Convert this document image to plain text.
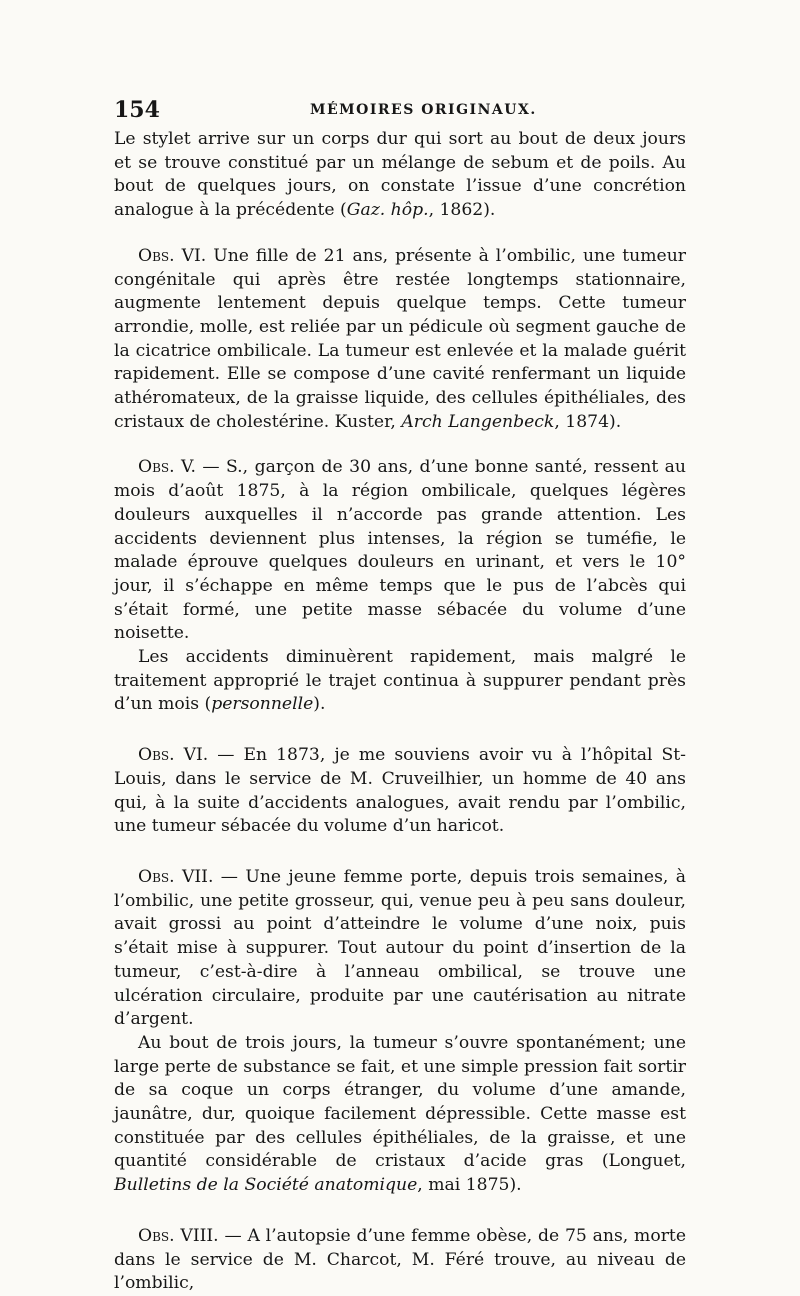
154	MÉMOIRES ORIGINAUX.

Le stylet arrive sur un corps dur qui sort au bout de deux jours et se trouve constitué par un mélange de sebum et de poils. Au bout de quelques jours, on constate l’issue d’une concrétion analogue à la précédente (Gaz. hôp., 1862).

Obs. VI. Une fille de 21 ans, présente à l’ombilic, une tumeur congénitale qui après être restée longtemps stationnaire, augmente lentement depuis quelque temps. Cette tumeur arrondie, molle, est reliée par un pédicule où segment gauche de la cicatrice ombilicale. La tumeur est enlevée et la malade guérit rapidement. Elle se compose d’une cavité renfermant un liquide athéromateux, de la graisse liquide, des cellules épithéliales, des cristaux de cholestérine. Kuster, Arch Langenbeck, 1874).

Obs. V. — S., garçon de 30 ans, d’une bonne santé, ressent au mois d’août 1875, à la région ombilicale, quelques légères douleurs auxquelles il n’accorde pas grande attention. Les accidents deviennent plus intenses, la région se tuméfie, le malade éprouve quelques douleurs en urinant, et vers le 10° jour, il s’échappe en même temps que le pus de l’abcès qui s’était formé, une petite masse sébacée du volume d’une noisette.

Les accidents diminuèrent rapidement, mais malgré le traitement approprié le trajet continua à suppurer pendant près d’un mois (personnelle).

Obs. VI. — En 1873, je me souviens avoir vu à l’hôpital St-Louis, dans le service de M. Cruveilhier, un homme de 40 ans qui, à la suite d’accidents analogues, avait rendu par l’ombilic, une tumeur sébacée du volume d’un haricot.

Obs. VII. — Une jeune femme porte, depuis trois semaines, à l’ombilic, une petite grosseur, qui, venue peu à peu sans douleur, avait grossi au point d’atteindre le volume d’une noix, puis s’était mise à suppurer. Tout autour du point d’insertion de la tumeur, c’est-à-dire à l’anneau ombilical, se trouve une ulcération circulaire, produite par une cautérisation au nitrate d’argent.

Au bout de trois jours, la tumeur s’ouvre spontanément; une large perte de substance se fait, et une simple pression fait sortir de sa coque un corps étranger, du volume d’une amande, jaunâtre, dur, quoique facilement dépressible. Cette masse est constituée par des cellules épithéliales, de la graisse, et une quantité considérable de cristaux d’acide gras (Longuet, Bulletins de la Société anatomique, mai 1875).

Obs. VIII. — A l’autopsie d’une femme obèse, de 75 ans, morte dans le service de M. Charcot, M. Féré trouve, au niveau de l’ombilic,
